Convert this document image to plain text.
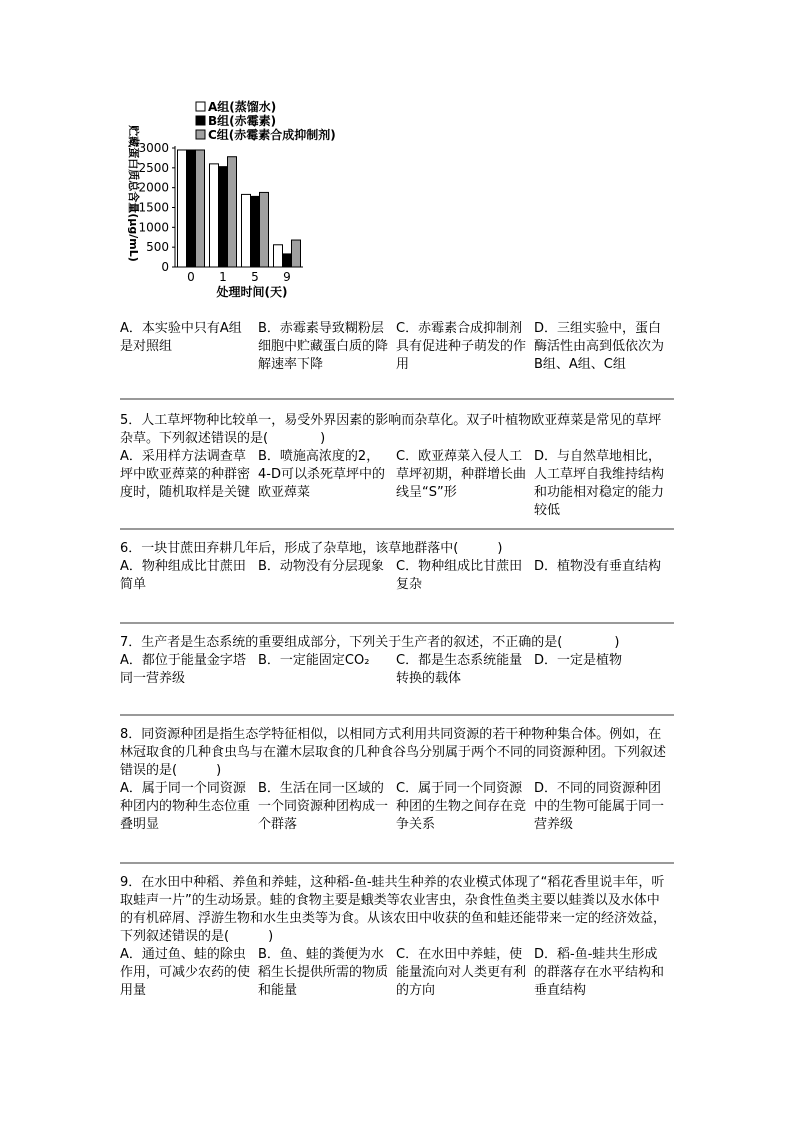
A组(蒸馏水)
B组(赤霉素)
C组(赤霉素合成抑制剂)
贮藏蛋白质总含量(μg/mL)
0
500
1000
1500
2000
2500
3000
0 1 5 9
处理时间(天)
A．本实验中只有A组是对照组
B．赤霉素导致糊粉层细胞中贮藏蛋白质的降解速率下降
C．赤霉素合成抑制剂具有促进种子萌发的作用
D．三组实验中，蛋白酶活性由高到低依次为B组、A组、C组
5．人工草坪物种比较单一，易受外界因素的影响而杂草化。双子叶植物欧亚蔊菜是常见的草坪杂草。下列叙述错误的是(　　　　)
A．采用样方法调查草坪中欧亚蔊菜的种群密度时，随机取样是关键
B．喷施高浓度的2，4-D可以杀死草坪中的欧亚蔊菜
C．欧亚蔊菜入侵人工草坪初期，种群增长曲线呈“S”形
D．与自然草地相比，人工草坪自我维持结构和功能相对稳定的能力较低
6．一块甘蔗田弃耕几年后，形成了杂草地，该草地群落中(　　　)
A．物种组成比甘蔗田简单
B．动物没有分层现象 C．物种组成比甘蔗田复杂
D．植物没有垂直结构
7．生产者是生态系统的重要组成部分，下列关于生产者的叙述，不正确的是(　　　　)
A．都位于能量金字塔同一营养级
B．一定能固定CO₂	C．都是生态系统能量转换的载体
D．一定是植物
8．同资源种团是指生态学特征相似，以相同方式利用共同资源的若干种物种集合体。例如，在林冠取食的几种食虫鸟与在灌木层取食的几种食谷鸟分别属于两个不同的同资源种团。下列叙述错误的是(　　　)
A．属于同一个同资源种团内的物种生态位重叠明显
B．生活在同一区域的一个同资源种团构成一个群落
C．属于同一个同资源种团的生物之间存在竞争关系
D．不同的同资源种团中的生物可能属于同一营养级
9．在水田中种稻、养鱼和养蛙，这种稻-鱼-蛙共生种养的农业模式体现了“稻花香里说丰年，听取蛙声一片”的生动场景。蛙的食物主要是蛾类等农业害虫，杂食性鱼类主要以蛙粪以及水体中的有机碎屑、浮游生物和水生虫类等为食。从该农田中收获的鱼和蛙还能带来一定的经济效益，下列叙述错误的是(　　　)
A．通过鱼、蛙的除虫作用，可减少农药的使用量
B．鱼、蛙的粪便为水稻生长提供所需的物质和能量
C．在水田中养蛙，使能量流向对人类更有利的方向
D．稻-鱼-蛙共生形成的群落存在水平结构和垂直结构
